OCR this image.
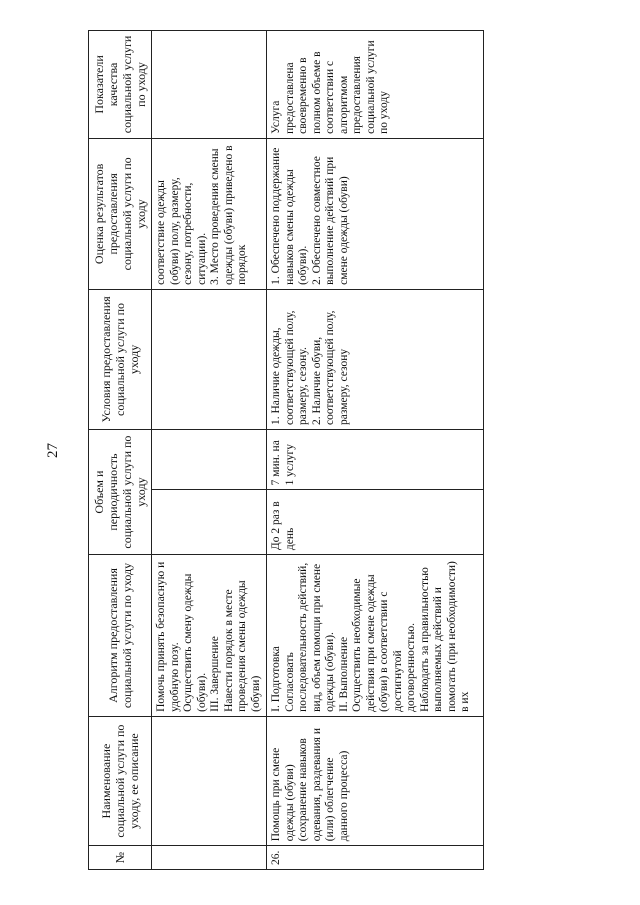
27
№	Наименование социальной услуги по уходу, ее описание	Алгоритм предоставления социальной услуги по уходу	Объем и периодичность социальной услуги по уходу		Условия предоставления социальной услуги по уходу	Оценка результатов предоставления социальной услуги по уходу	Показатели качества социальной услуги по уходу
		Помочь принять безопасную и удобную позу.
Осуществить смену одежды (обуви).
III. Завершение
Навести порядок в месте проведения смены одежды (обуви)				соответствие одежды (обуви) полу, размеру, сезону, потребности, ситуации).
3. Место проведения смены одежды (обуви) приведено в порядок	
26.	Помощь при смене одежды (обуви) (сохранение навыков одевания, раздевания и (или) облегчение данного процесса)	I. Подготовка
Согласовать последовательность действий, вид, объем помощи при смене одежды (обуви).
II. Выполнение
Осуществить необходимые действия при смене одежды (обуви) в соответствии с достигнутой договоренностью.
Наблюдать за правильностью выполняемых действий и помогать (при необходимости) в их	До 2 раз в день	7 мин. на 1 услугу	1. Наличие одежды, соответствующей полу, размеру, сезону.
2. Наличие обуви, соответствующей полу, размеру, сезону	1. Обеспечено поддержание навыков смены одежды (обуви).
2. Обеспечено совместное выполнение действий при смене одежды (обуви)	Услуга предоставлена своевременно в полном объеме в соответствии с алгоритмом предоставления социальной услуги по уходу
